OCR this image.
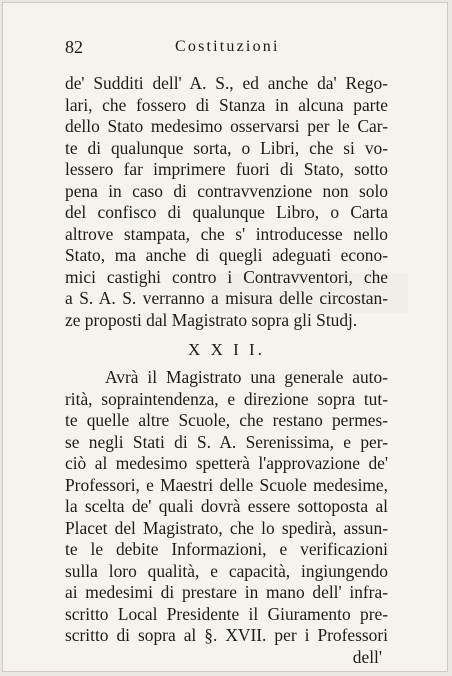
82	Costituzioni
de' Sudditi dell' A. S., ed anche da' Rego-
lari, che fossero di Stanza in alcuna parte
dello Stato medesimo osservarsi per le Car-
te di qualunque sorta, o Libri, che si vo-
lessero far imprimere fuori di Stato, sotto
pena in caso di contravvenzione non solo
del confisco di qualunque Libro, o Carta
altrove stampata, che s' introducesse nello
Stato, ma anche di quegli adeguati econo-
mici castighi contro i Contravventori, che
a S. A. S. verranno a misura delle circostan-
ze proposti dal Magistrato sopra gli Studj.
X X I I.
Avrà il Magistrato una generale auto-
rità, sopraintendenza, e direzione sopra tut-
te quelle altre Scuole, che restano permes-
se negli Stati di S. A. Serenissima, e per-
ciò al medesimo spetterà l'approvazione de'
Professori, e Maestri delle Scuole medesime,
la scelta de' quali dovrà essere sottoposta al
Placet del Magistrato, che lo spedirà, assun-
te le debite Informazioni, e verificazioni
sulla loro qualità, e capacità, ingiungendo
ai medesimi di prestare in mano dell' infra-
scritto Local Presidente il Giuramento pre-
scritto di sopra al §. XVII. per i Professori
dell'
